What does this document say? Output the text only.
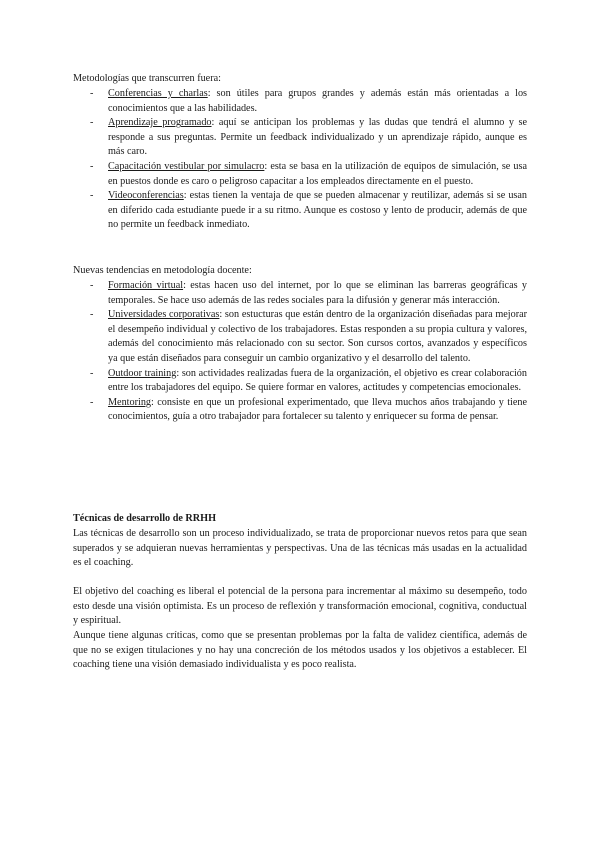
Metodologías que transcurren fuera:

- Conferencias y charlas: son útiles para grupos grandes y además están más orientadas a los conocimientos que a las habilidades.
- Aprendizaje programado: aquí se anticipan los problemas y las dudas que tendrá el alumno y se responde a sus preguntas. Permite un feedback individualizado y un aprendizaje rápido, aunque es más caro.
- Capacitación vestibular por simulacro: esta se basa en la utilización de equipos de simulación, se usa en puestos donde es caro o peligroso capacitar a los empleados directamente en el puesto.
- Videoconferencias: estas tienen la ventaja de que se pueden almacenar y reutilizar, además si se usan en diferido cada estudiante puede ir a su ritmo. Aunque es costoso y lento de producir, además de que no permite un feedback inmediato.

Nuevas tendencias en metodología docente:

- Formación virtual: estas hacen uso del internet, por lo que se eliminan las barreras geográficas y temporales. Se hace uso además de las redes sociales para la difusión y generar más interacción.
- Universidades corporativas: son estucturas que están dentro de la organización diseñadas para mejorar el desempeño individual y colectivo de los trabajadores. Estas responden a su propia cultura y valores, además del conocimiento más relacionado con su sector. Son cursos cortos, avanzados y específicos ya que están diseñados para conseguir un cambio organizativo y el desarrollo del talento.
- Outdoor training: son actividades realizadas fuera de la organización, el objetivo es crear colaboración entre los trabajadores del equipo. Se quiere formar en valores, actitudes y competencias emocionales.
- Mentoring: consiste en que un profesional experimentado, que lleva muchos años trabajando y tiene conocimientos, guía a otro trabajador para fortalecer su talento y enriquecer su forma de pensar.

Técnicas de desarrollo de RRHH

Las técnicas de desarrollo son un proceso individualizado, se trata de proporcionar nuevos retos para que sean superados y se adquieran nuevas herramientas y perspectivas. Una de las técnicas más usadas en la actualidad es el coaching.

El objetivo del coaching es liberal el potencial de la persona para incrementar al máximo su desempeño, todo esto desde una visión optimista. Es un proceso de reflexión y transformación emocional, cognitiva, conductual y espiritual.

Aunque tiene algunas críticas, como que se presentan problemas por la falta de validez científica, además de que no se exigen titulaciones y no hay una concreción de los métodos usados y los objetivos a establecer. El coaching tiene una visión demasiado individualista y es poco realista.
